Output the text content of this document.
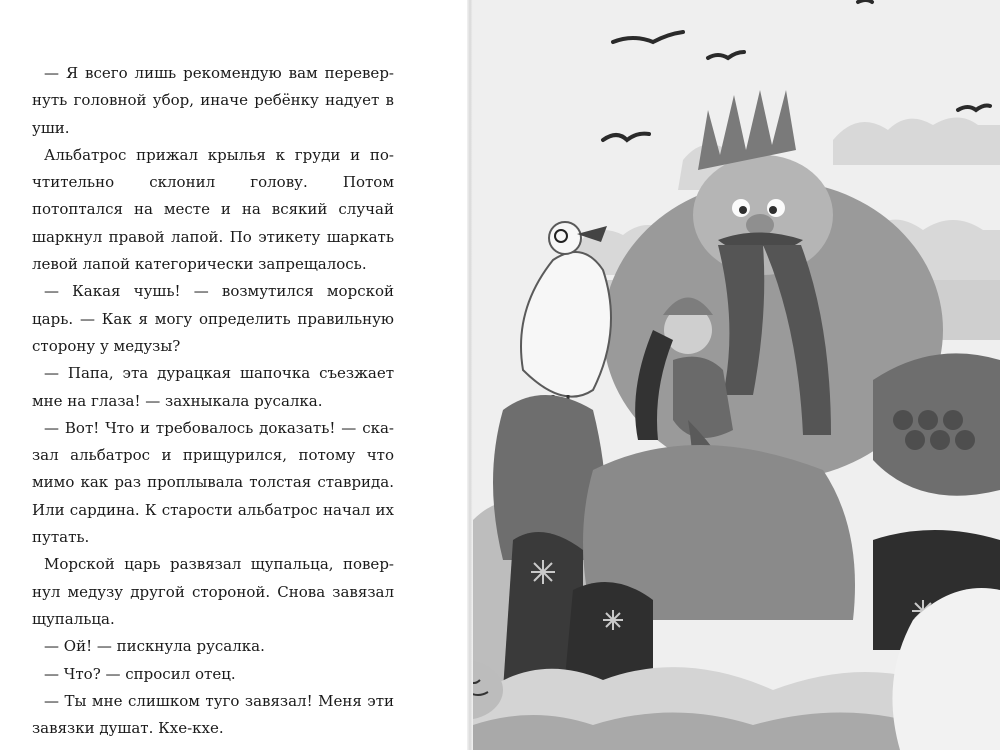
— Я всего лишь рекомендую вам перевернуть головной убор, иначе ребёнку надует в уши.

Альбатрос прижал крылья к груди и почтительно склонил голову. Потом потоптался на месте и на всякий случай шаркнул правой лапой. По этикету шаркать левой лапой категорически запрещалось.

— Какая чушь! — возмутился морской царь. — Как я могу определить правильную сторону у медузы?

— Папа, эта дурацкая шапочка съезжает мне на глаза! — захныкала русалка.

— Вот! Что и требовалось доказать! — сказал альбатрос и прищурился, потому что мимо как раз проплывала толстая ставрида. Или сардина. К старости альбатрос начал их путать.

Морской царь развязал щупальца, повернул медузу другой стороной. Снова завязал щупальца.

— Ой! — пискнула русалка.

— Что? — спросил отец.

— Ты мне слишком туго завязал! Меня эти завязки душат. Кхе-кхе.
